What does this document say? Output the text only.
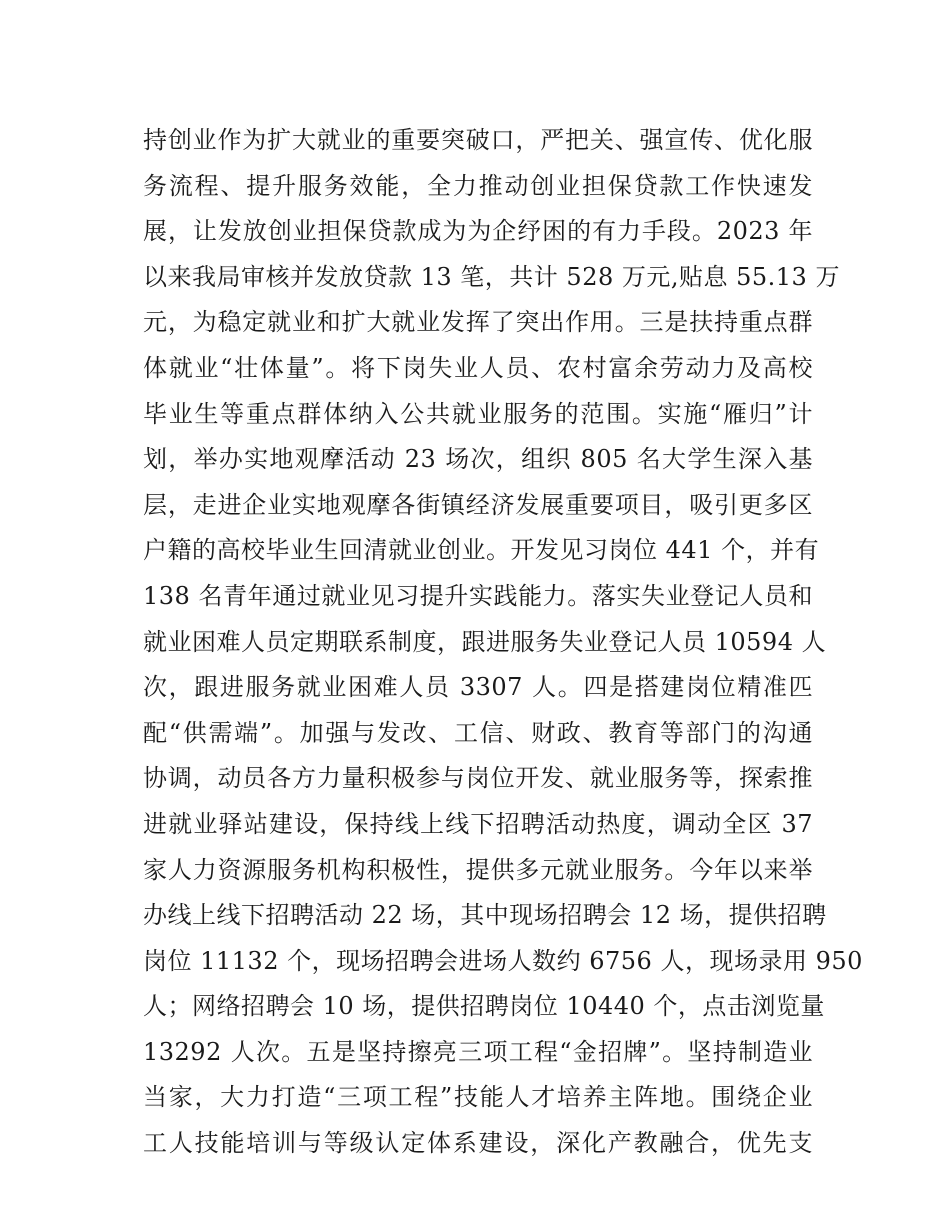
持创业作为扩大就业的重要突破口，严把关、强宣传、优化服
务流程、提升服务效能，全力推动创业担保贷款工作快速发
展，让发放创业担保贷款成为为企纾困的有力手段。2023 年
以来我局审核并发放贷款 13 笔，共计 528 万元,贴息 55.13 万
元，为稳定就业和扩大就业发挥了突出作用。三是扶持重点群
体就业“壮体量”。将下岗失业人员、农村富余劳动力及高校
毕业生等重点群体纳入公共就业服务的范围。实施“雁归”计
划，举办实地观摩活动 23 场次，组织 805 名大学生深入基
层，走进企业实地观摩各街镇经济发展重要项目，吸引更多区
户籍的高校毕业生回清就业创业。开发见习岗位 441 个，并有
138 名青年通过就业见习提升实践能力。落实失业登记人员和
就业困难人员定期联系制度，跟进服务失业登记人员 10594 人
次，跟进服务就业困难人员 3307 人。四是搭建岗位精准匹
配“供需端”。加强与发改、工信、财政、教育等部门的沟通
协调，动员各方力量积极参与岗位开发、就业服务等，探索推
进就业驿站建设，保持线上线下招聘活动热度，调动全区 37
家人力资源服务机构积极性，提供多元就业服务。今年以来举
办线上线下招聘活动 22 场，其中现场招聘会 12 场，提供招聘
岗位 11132 个，现场招聘会进场人数约 6756 人，现场录用 950
人；网络招聘会 10 场，提供招聘岗位 10440 个，点击浏览量
13292 人次。五是坚持擦亮三项工程“金招牌”。坚持制造业
当家，大力打造“三项工程”技能人才培养主阵地。围绕企业
工人技能培训与等级认定体系建设，深化产教融合，优先支
